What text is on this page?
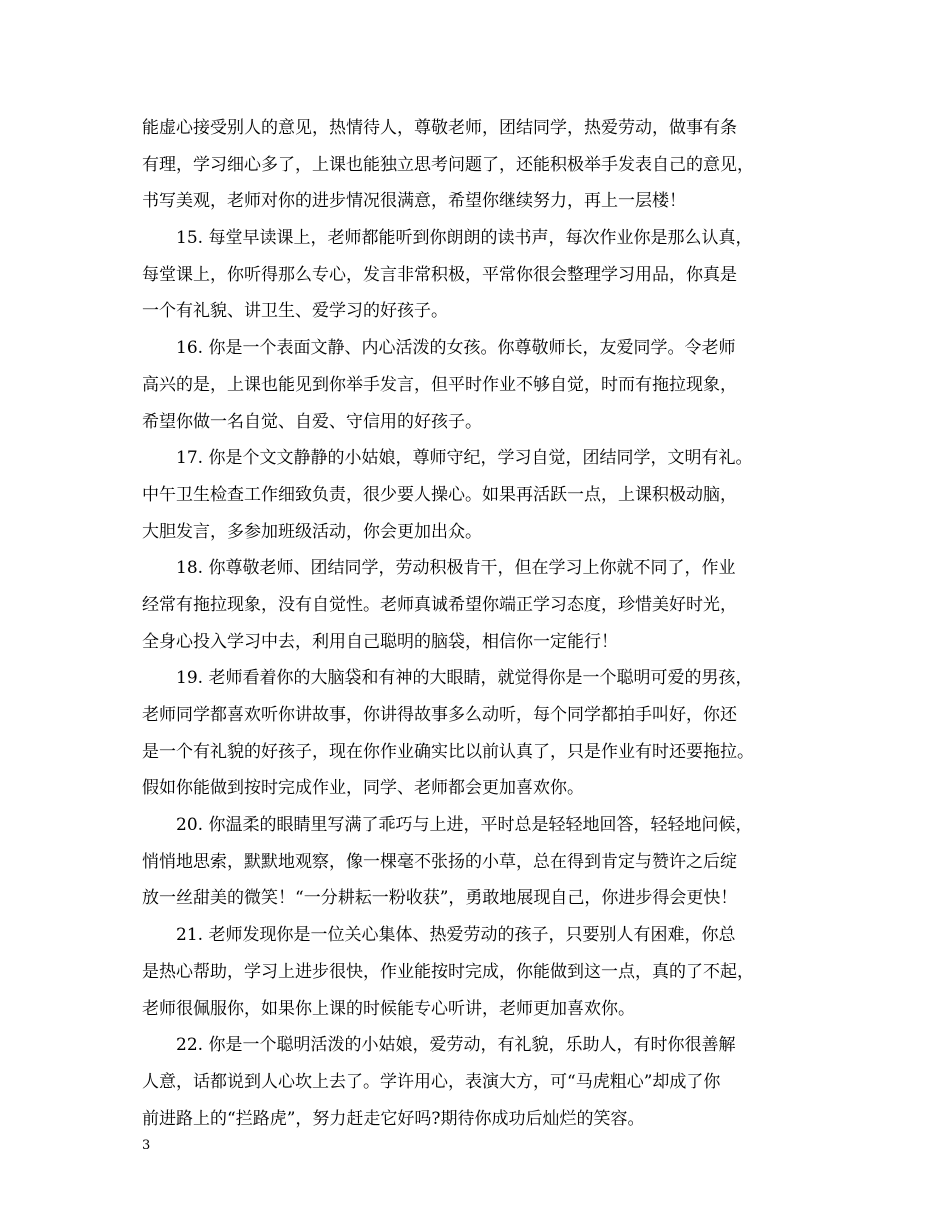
能虚心接受别人的意见，热情待人，尊敬老师，团结同学，热爱劳动，做事有条
有理，学习细心多了，上课也能独立思考问题了，还能积极举手发表自己的意见，
书写美观，老师对你的进步情况很满意，希望你继续努力，再上一层楼！
15. 每堂早读课上，老师都能听到你朗朗的读书声，每次作业你是那么认真，
每堂课上，你听得那么专心，发言非常积极，平常你很会整理学习用品，你真是
一个有礼貌、讲卫生、爱学习的好孩子。
16. 你是一个表面文静、内心活泼的女孩。你尊敬师长，友爱同学。令老师
高兴的是，上课也能见到你举手发言，但平时作业不够自觉，时而有拖拉现象，
希望你做一名自觉、自爱、守信用的好孩子。
17. 你是个文文静静的小姑娘，尊师守纪，学习自觉，团结同学，文明有礼。
中午卫生检查工作细致负责，很少要人操心。如果再活跃一点，上课积极动脑，
大胆发言，多参加班级活动，你会更加出众。
18. 你尊敬老师、团结同学，劳动积极肯干，但在学习上你就不同了，作业
经常有拖拉现象，没有自觉性。老师真诚希望你端正学习态度，珍惜美好时光，
全身心投入学习中去，利用自己聪明的脑袋，相信你一定能行！
19. 老师看着你的大脑袋和有神的大眼睛，就觉得你是一个聪明可爱的男孩，
老师同学都喜欢听你讲故事，你讲得故事多么动听，每个同学都拍手叫好，你还
是一个有礼貌的好孩子，现在你作业确实比以前认真了，只是作业有时还要拖拉。
假如你能做到按时完成作业，同学、老师都会更加喜欢你。
20. 你温柔的眼睛里写满了乖巧与上进，平时总是轻轻地回答，轻轻地问候，
悄悄地思索，默默地观察，像一棵毫不张扬的小草，总在得到肯定与赞许之后绽
放一丝甜美的微笑！“一分耕耘一粉收获”，勇敢地展现自己，你进步得会更快！
21. 老师发现你是一位关心集体、热爱劳动的孩子，只要别人有困难，你总
是热心帮助，学习上进步很快，作业能按时完成，你能做到这一点，真的了不起，
老师很佩服你，如果你上课的时候能专心听讲，老师更加喜欢你。
22. 你是一个聪明活泼的小姑娘，爱劳动，有礼貌，乐助人，有时你很善解
人意，话都说到人心坎上去了。学许用心，表演大方，可“马虎粗心”却成了你
前进路上的“拦路虎”，努力赶走它好吗?期待你成功后灿烂的笑容。
3
